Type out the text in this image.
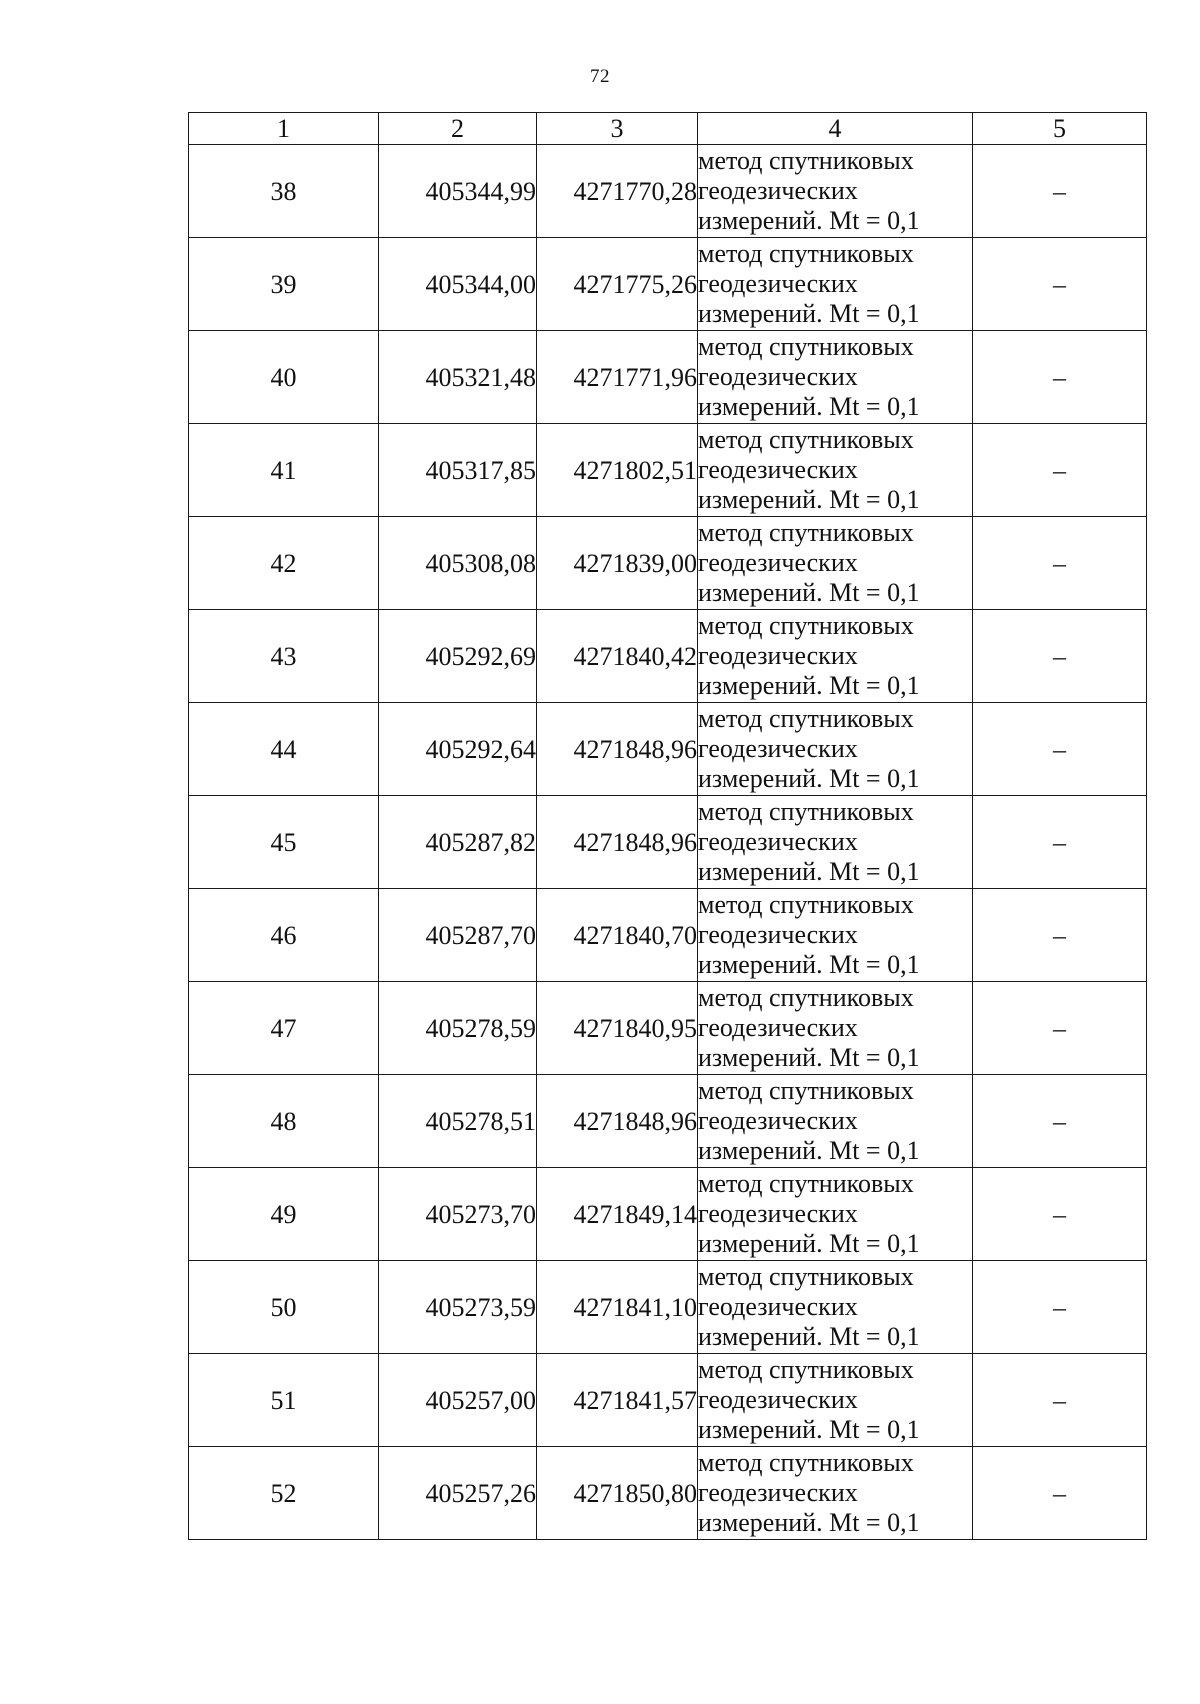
72
1	2	3	4	5
38	405344,99	4271770,28	метод спутниковых
геодезических
измерений. Mt = 0,1	–
39	405344,00	4271775,26	метод спутниковых
геодезических
измерений. Mt = 0,1	–
40	405321,48	4271771,96	метод спутниковых
геодезических
измерений. Mt = 0,1	–
41	405317,85	4271802,51	метод спутниковых
геодезических
измерений. Mt = 0,1	–
42	405308,08	4271839,00	метод спутниковых
геодезических
измерений. Mt = 0,1	–
43	405292,69	4271840,42	метод спутниковых
геодезических
измерений. Mt = 0,1	–
44	405292,64	4271848,96	метод спутниковых
геодезических
измерений. Mt = 0,1	–
45	405287,82	4271848,96	метод спутниковых
геодезических
измерений. Mt = 0,1	–
46	405287,70	4271840,70	метод спутниковых
геодезических
измерений. Mt = 0,1	–
47	405278,59	4271840,95	метод спутниковых
геодезических
измерений. Mt = 0,1	–
48	405278,51	4271848,96	метод спутниковых
геодезических
измерений. Mt = 0,1	–
49	405273,70	4271849,14	метод спутниковых
геодезических
измерений. Mt = 0,1	–
50	405273,59	4271841,10	метод спутниковых
геодезических
измерений. Mt = 0,1	–
51	405257,00	4271841,57	метод спутниковых
геодезических
измерений. Mt = 0,1	–
52	405257,26	4271850,80	метод спутниковых
геодезических
измерений. Mt = 0,1	–
